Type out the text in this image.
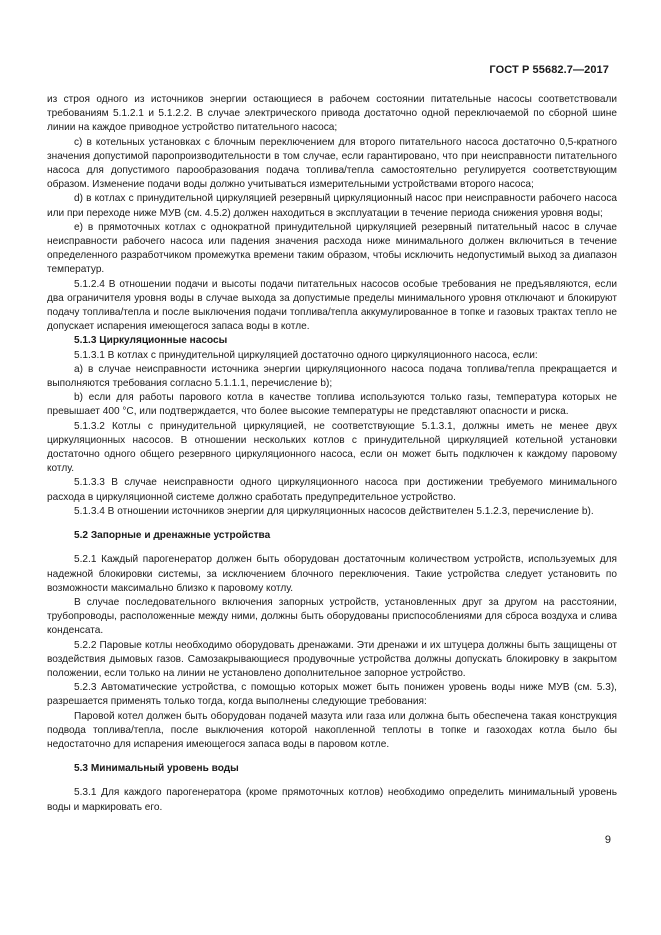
ГОСТ Р 55682.7—2017

из строя одного из источников энергии остающиеся в рабочем состоянии питательные насосы соответствовали требованиям 5.1.2.1 и 5.1.2.2. В случае электрического привода достаточно одной переключаемой по сборной шине линии на каждое приводное устройство питательного насоса;

c) в котельных установках с блочным переключением для второго питательного насоса достаточно 0,5-кратного значения допустимой паропроизводительности в том случае, если гарантировано, что при неисправности питательного насоса для допустимого парообразования подача топлива/тепла самостоятельно регулируется соответствующим образом. Изменение подачи воды должно учитываться измерительными устройствами второго насоса;

d) в котлах с принудительной циркуляцией резервный циркуляционный насос при неисправности рабочего насоса или при переходе ниже МУВ (см. 4.5.2) должен находиться в эксплуатации в течение периода снижения уровня воды;

e) в прямоточных котлах с однократной принудительной циркуляцией резервный питательный насос в случае неисправности рабочего насоса или падения значения расхода ниже минимального должен включиться в течение определенного разработчиком промежутка времени таким образом, чтобы исключить недопустимый выход за диапазон температур.

5.1.2.4 В отношении подачи и высоты подачи питательных насосов особые требования не предъявляются, если два ограничителя уровня воды в случае выхода за допустимые пределы минимального уровня отключают и блокируют подачу топлива/тепла и после выключения подачи топлива/тепла аккумулированное в топке и газовых трактах тепло не допускает испарения имеющегося запаса воды в котле.

5.1.3 Циркуляционные насосы

5.1.3.1 В котлах с принудительной циркуляцией достаточно одного циркуляционного насоса, если:

a) в случае неисправности источника энергии циркуляционного насоса подача топлива/тепла прекращается и выполняются требования согласно 5.1.1.1, перечисление b);

b) если для работы парового котла в качестве топлива используются только газы, температура которых не превышает 400 °С, или подтверждается, что более высокие температуры не представляют опасности и риска.

5.1.3.2 Котлы с принудительной циркуляцией, не соответствующие 5.1.3.1, должны иметь не менее двух циркуляционных насосов. В отношении нескольких котлов с принудительной циркуляцией котельной установки достаточно одного общего резервного циркуляционного насоса, если он может быть подключен к каждому паровому котлу.

5.1.3.3 В случае неисправности одного циркуляционного насоса при достижении требуемого минимального расхода в циркуляционной системе должно сработать предупредительное устройство.

5.1.3.4 В отношении источников энергии для циркуляционных насосов действителен 5.1.2.3, перечисление b).

5.2 Запорные и дренажные устройства

5.2.1 Каждый парогенератор должен быть оборудован достаточным количеством устройств, используемых для надежной блокировки системы, за исключением блочного переключения. Такие устройства следует установить по возможности максимально близко к паровому котлу.

В случае последовательного включения запорных устройств, установленных друг за другом на расстоянии, трубопроводы, расположенные между ними, должны быть оборудованы приспособлениями для сброса воздуха и слива конденсата.

5.2.2 Паровые котлы необходимо оборудовать дренажами. Эти дренажи и их штуцера должны быть защищены от воздействия дымовых газов. Самозакрывающиеся продувочные устройства должны допускать блокировку в закрытом положении, если только на линии не установлено дополнительное запорное устройство.

5.2.3 Автоматические устройства, с помощью которых может быть понижен уровень воды ниже МУВ (см. 5.3), разрешается применять только тогда, когда выполнены следующие требования:

Паровой котел должен быть оборудован подачей мазута или газа или должна быть обеспечена такая конструкция подвода топлива/тепла, после выключения которой накопленной теплоты в топке и газоходах котла было бы недостаточно для испарения имеющегося запаса воды в паровом котле.

5.3 Минимальный уровень воды

5.3.1 Для каждого парогенератора (кроме прямоточных котлов) необходимо определить минимальный уровень воды и маркировать его.

9
